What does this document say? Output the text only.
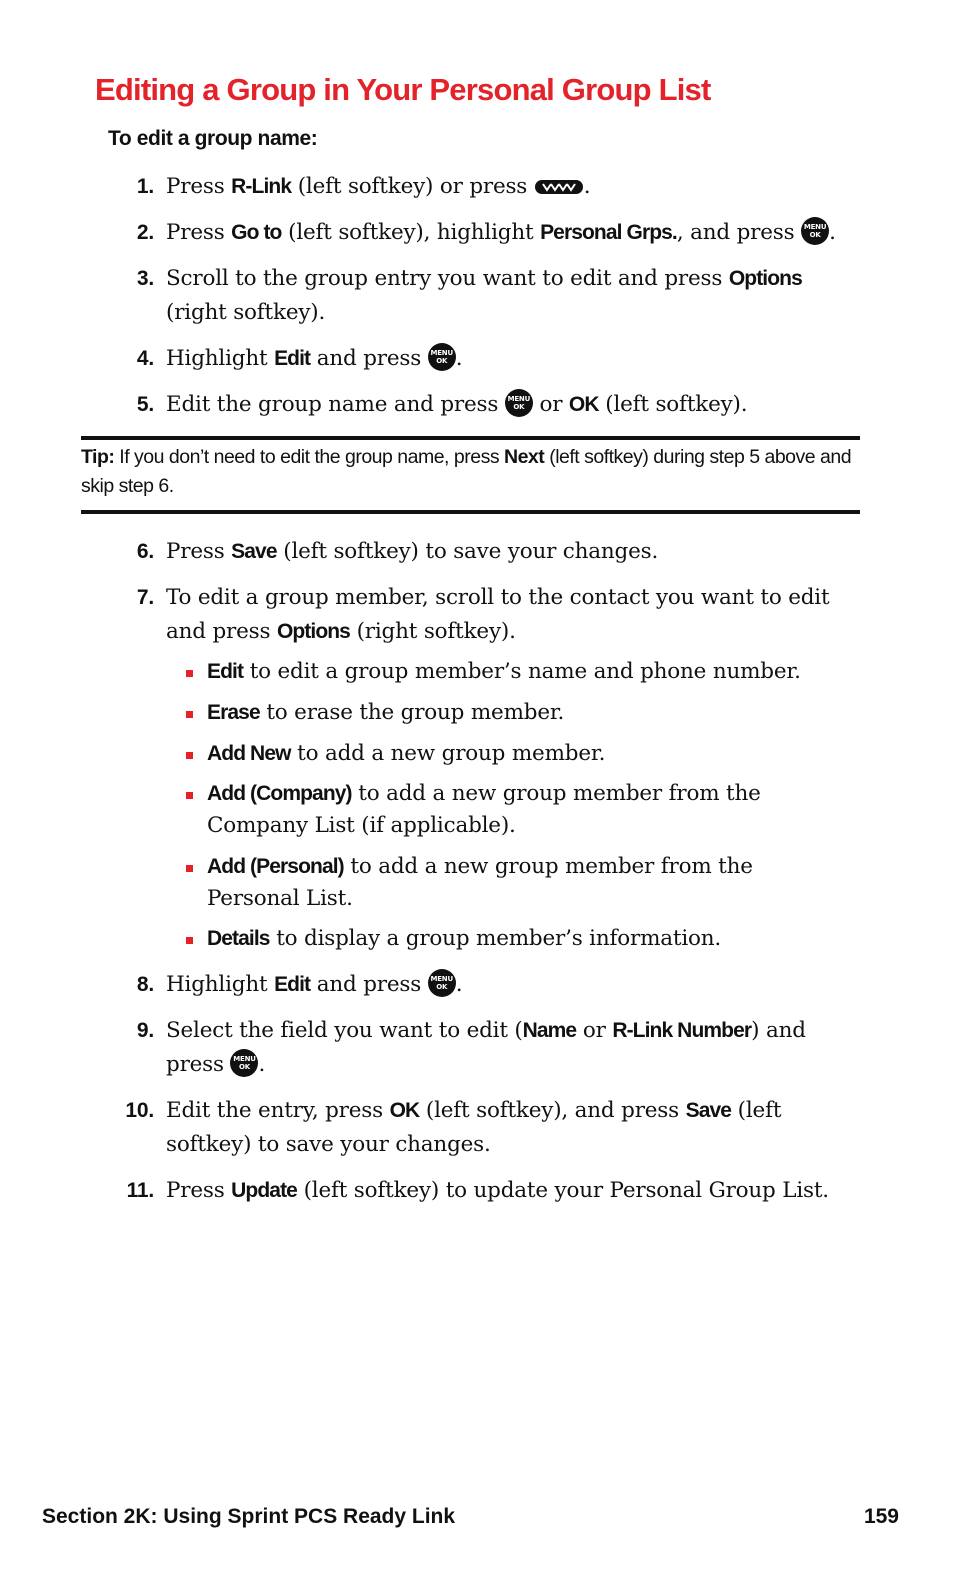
Editing a Group in Your Personal Group List

To edit a group name:

1. Press R-Link (left softkey) or press .
2. Press Go to (left softkey), highlight Personal Grps., and press MENU
OK .
3. Scroll to the group entry you want to edit and press Options (right softkey).
4. Highlight Edit and press MENU
OK .
5. Edit the group name and press MENU
OK or OK (left softkey).
Tip: If you don’t need to edit the group name, press Next (left softkey) during step 5 above and skip step 6.
6. Press Save (left softkey) to save your changes.
7. To edit a group member, scroll to the contact you want to edit and press Options (right softkey).
Edit to edit a group member’s name and phone number.
Erase to erase the group member.
Add New to add a new group member.
Add (Company) to add a new group member from the Company List (if applicable).
Add (Personal) to add a new group member from the Personal List.
Details to display a group member’s information.
8. Highlight Edit and press MENU
OK .
9. Select the field you want to edit (Name or R-Link Number) and press MENU
OK .
10. Edit the entry, press OK (left softkey), and press Save (left softkey) to save your changes.
11. Press Update (left softkey) to update your Personal Group List.

Section 2K: Using Sprint PCS Ready Link	159
